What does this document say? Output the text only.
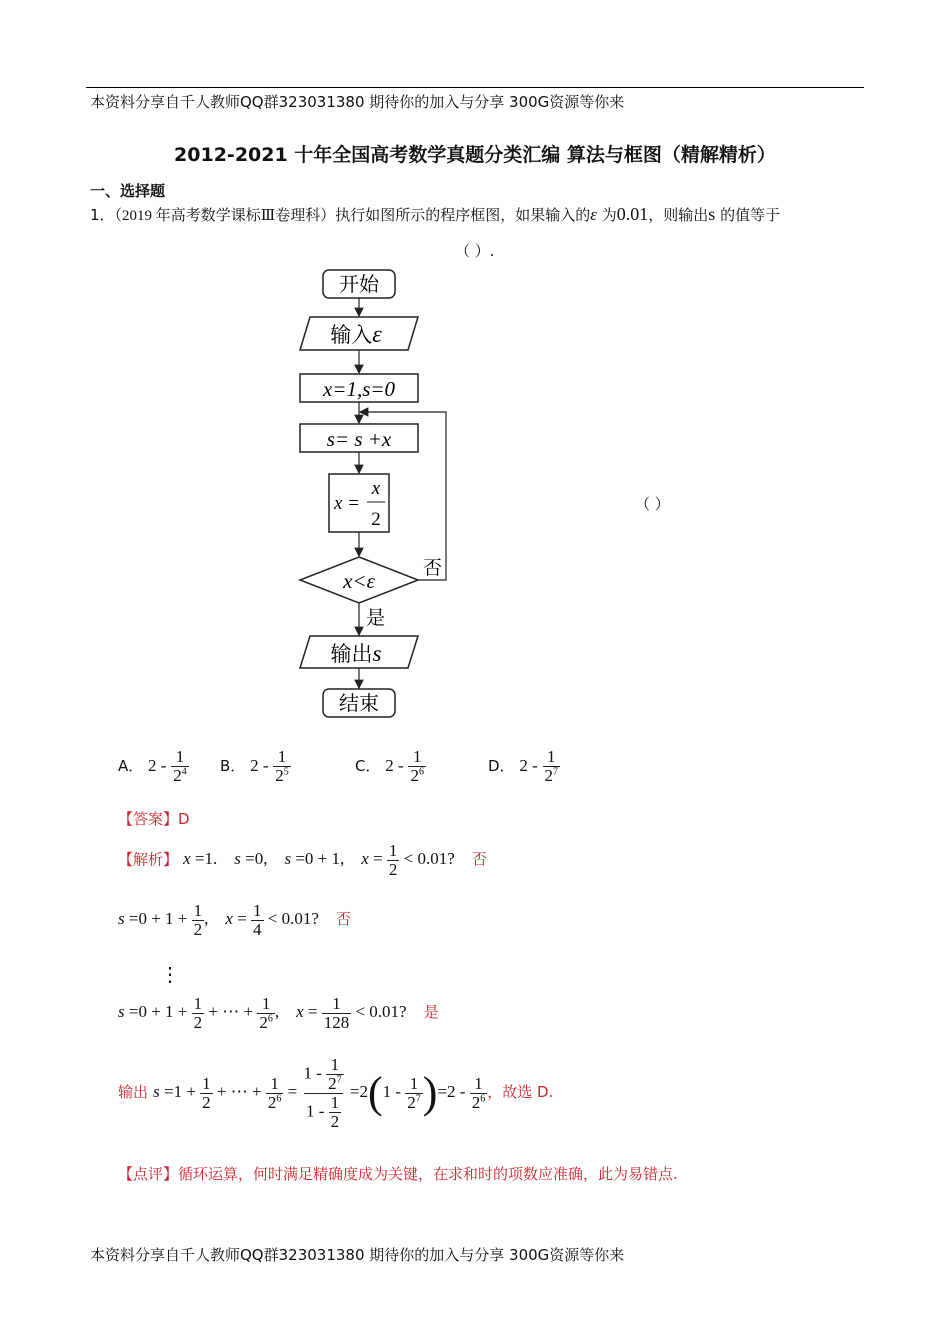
本资料分享自千人教师QQ群323031380 期待你的加入与分享 300G资源等你来
2012-2021 十年全国高考数学真题分类汇编 算法与框图（精解精析）
一、选择题
1．（2019 年高考数学课标Ⅲ卷理科）执行如图所示的程序框图，如果输入的ε 为0.01，则输出s 的值等于
（ ）.
（ ）
开始
输入ε
x=1,s=0
s= s +x
x =
x
2
x<ε
否
是
输出s
结束
A． $2 - \frac{1}{2^4}$ B． $2 - \frac{1}{2^5}$	C． $2 - \frac{1}{2^6}$	D． $2 - \frac{1}{2^7}$
【答案】D
【解析】 x =1.    s =0,    s =0 + 1,    $x = \frac{1}{2} < 0.01$? 否
$s =0 + 1 + \frac{1}{2}$ ,    $x = \frac{1}{4} < 0.01$? 否
⋮
$s =0 + 1 + \frac{1}{2}$ + ⋯ + $\frac{1}{2^6}$ ,    $x = \frac{1}{128} < 0.01$? 是
输出 $s =1 + \frac{1}{2}$ + ⋯ + $\frac{1}{2^6} = \frac{1 - \frac{1}{2^7}}{1 - \frac{1}{2}} =2(1 - \frac{1}{2^7} )=2 - \frac{1}{2^6}$ ，故选 D.
【点评】循环运算，何时满足精确度成为关键，在求和时的项数应准确，此为易错点.
本资料分享自千人教师QQ群323031380 期待你的加入与分享 300G资源等你来
